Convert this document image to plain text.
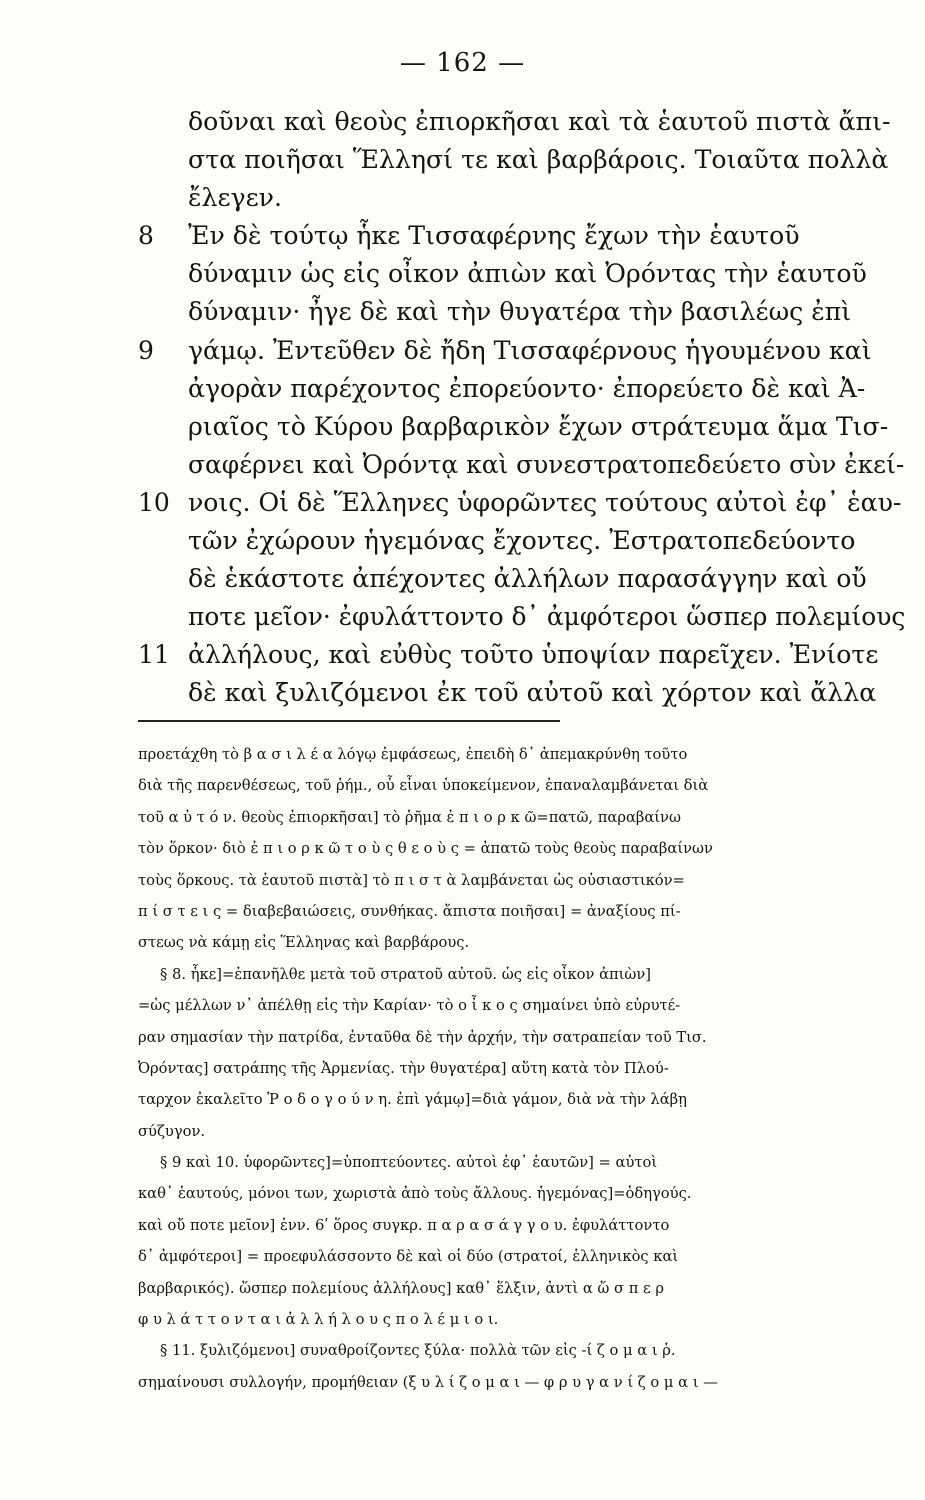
— 162 —
δοῦναι καὶ θεοὺς ἐπιορκῆσαι καὶ τὰ ἑαυτοῦ πιστὰ ἄπι-
στα ποιῆσαι Ἕλλησί τε καὶ βαρβάροις. Τοιαῦτα πολλὰ
ἔλεγεν.
8 Ἐν δὲ τούτῳ ἧκε Τισσαφέρνης ἔχων τὴν ἑαυτοῦ
δύναμιν ὡς εἰς οἶκον ἀπιὼν καὶ Ὀρόντας τὴν ἑαυτοῦ
δύναμιν· ἦγε δὲ καὶ τὴν θυγατέρα τὴν βασιλέως ἐπὶ
9 γάμῳ. Ἐντεῦθεν δὲ ἤδη Τισσαφέρνους ἡγουμένου καὶ
ἀγορὰν παρέχοντος ἐπορεύοντο· ἐπορεύετο δὲ καὶ Ἀ-
ριαῖος τὸ Κύρου βαρβαρικὸν ἔχων στράτευμα ἅμα Τισ-
σαφέρνει καὶ Ὀρόντᾳ καὶ συνεστρατοπεδεύετο σὺν ἐκεί-
10 νοις. Οἱ δὲ Ἕλληνες ὑφορῶντες τούτους αὐτοὶ ἐφ᾽ ἑαυ-
τῶν ἐχώρουν ἡγεμόνας ἔχοντες. Ἐστρατοπεδεύοντο
δὲ ἑκάστοτε ἀπέχοντες ἀλλήλων παρασάγγην καὶ οὔ
ποτε μεῖον· ἐφυλάττοντο δ᾽ ἀμφότεροι ὥσπερ πολεμίους
11 ἀλλήλους, καὶ εὐθὺς τοῦτο ὑποψίαν παρεῖχεν. Ἐνίοτε
δὲ καὶ ξυλιζόμενοι ἐκ τοῦ αὐτοῦ καὶ χόρτον καὶ ἄλλα
προετάχθη τὸ β α σ ι λ έ α λόγῳ ἐμφάσεως, ἐπειδὴ δ᾽ ἀπεμακρύνθη τοῦτο
διὰ τῆς παρενθέσεως, τοῦ ῥήμ., οὗ εἶναι ὑποκείμενον, ἐπαναλαμβάνεται διὰ
τοῦ α ὐ τ ό ν. θεοὺς ἐπιορκῆσαι] τὸ ῥῆμα ἐ π ι ο ρ κ ῶ=πατῶ, παραβαίνω
τὸν ὅρκον· διὸ ἐ π ι ο ρ κ ῶ τ ο ὺ ς θ ε ο ὺ ς = ἀπατῶ τοὺς θεοὺς παραβαίνων
τοὺς ὅρκους. τὰ ἑαυτοῦ πιστὰ] τὸ π ι σ τ ὰ λαμβάνεται ὡς οὐσιαστικόν=
π ί σ τ ε ι ς = διαβεβαιώσεις, συνθήκας. ἄπιστα ποιῆσαι] = ἀναξίους πί-
στεως νὰ κάμῃ εἰς Ἕλληνας καὶ βαρβάρους.
§ 8. ἧκε]=ἐπανῆλθε μετὰ τοῦ στρατοῦ αὐτοῦ. ὡς εἰς οἶκον ἀπιὼν]
=ὡς μέλλων ν᾽ ἀπέλθῃ εἰς τὴν Καρίαν· τὸ ο ἶ κ ο ς σημαίνει ὑπὸ εὐρυτέ-
ραν σημασίαν τὴν πατρίδα, ἐνταῦθα δὲ τὴν ἀρχήν, τὴν σατραπείαν τοῦ Τισ.
Ὀρόντας] σατράπης τῆς Ἀρμενίας. τὴν θυγατέρα] αὕτη κατὰ τὸν Πλού-
ταρχον ἐκαλεῖτο Ῥ ο δ ο γ ο ύ ν η. ἐπὶ γάμῳ]=διὰ γάμον, διὰ νὰ τὴν λάβῃ
σύζυγον.
§ 9 καὶ 10. ὑφορῶντες]=ὑποπτεύοντες. αὐτοὶ ἐφ᾽ ἑαυτῶν] = αὐτοὶ
καθ᾽ ἑαυτούς, μόνοι των, χωριστὰ ἀπὸ τοὺς ἄλλους. ἡγεμόνας]=ὁδηγούς.
καὶ οὔ ποτε μεῖον] ἐνν. 6ʹ ὅρος συγκρ. π α ρ α σ ά γ γ ο υ. ἐφυλάττοντο
δ᾽ ἀμφότεροι] = προεφυλάσσοντο δὲ καὶ οἱ δύο (στρατοί, ἑλληνικὸς καὶ
βαρβαρικός). ὥσπερ πολεμίους ἀλλήλους] καθ᾽ ἕλξιν, ἀντὶ α ὥ σ π ε ρ
φ υ λ ά τ τ ο ν τ α ι ἀ λ λ ή λ ο υ ς π ο λ έ μ ι ο ι.
§ 11. ξυλιζόμενοι] συναθροίζοντες ξύλα· πολλὰ τῶν εἰς -ί ζ ο μ α ι ῥ.
σημαίνουσι συλλογήν, προμήθειαν (ξ υ λ ί ζ ο μ α ι — φ ρ υ γ α ν ί ζ ο μ α ι —
